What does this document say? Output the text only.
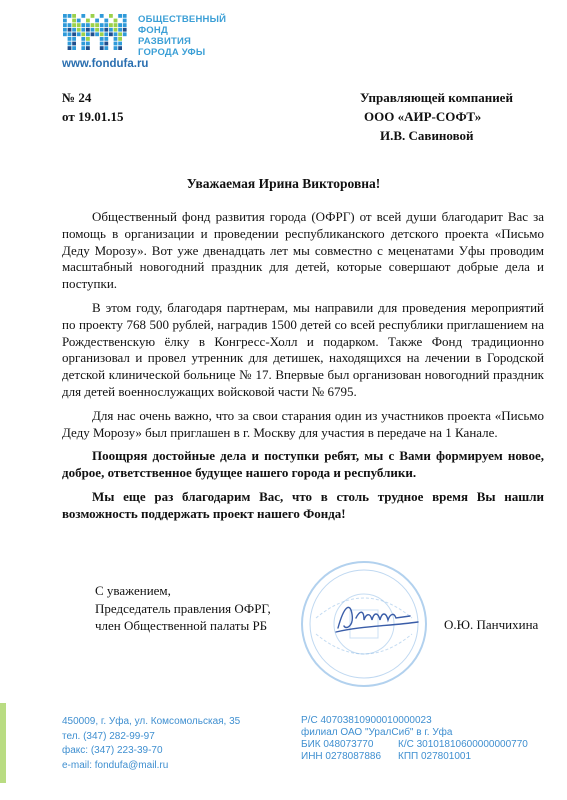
ОБЩЕСТВЕННЫЙ
ФОНД
РАЗВИТИЯ
ГОРОДА УФЫ
www.fondufa.ru
№ 24
от 19.01.15
Управляющей компанией
ООО «АИР-СОФТ»
И.В. Савиновой
Уважаемая Ирина Викторовна!

Общественный фонд развития города (ОФРГ) от всей души благодарит Вас за помощь в организации и проведении республиканского детского проекта «Письмо Деду Морозу». Вот уже двенадцать лет мы совместно с меценатами Уфы проводим масштабный новогодний праздник для детей, которые совершают добрые дела и поступки.

В этом году, благодаря партнерам, мы направили для проведения мероприятий по проекту 768 500 рублей, наградив 1500 детей со всей республики приглашением на Рождественскую ёлку в Конгресс-Холл и подарком. Также Фонд традиционно организовал и провел утренник для детишек, находящихся на лечении в Городской детской клинической больнице № 17. Впервые был организован новогодний праздник для детей военнослужащих войсковой части № 6795.

Для нас очень важно, что за свои старания один из участников проекта «Письмо Деду Морозу» был приглашен в г. Москву для участия в передаче на 1 Канале.

Поощряя достойные дела и поступки ребят, мы с Вами формируем новое, доброе, ответственное будущее нашего города и республики.

Мы еще раз благодарим Вас, что в столь трудное время Вы нашли возможность поддержать проект нашего Фонда!

С уважением,
Председатель правления ОФРГ,
член Общественной палаты РБ	О.Ю. Панчихина
450009, г. Уфа, ул. Комсомольская, 35
тел. (347) 282-99-97
факс: (347) 223-39-70
e-mail: fondufa@mail.ru
Р/С 40703810900010000023
филиал ОАО "УралСиб" в г. Уфа
БИК 048073770	К/С 30101810600000000770
ИНН 0278087886	КПП 027801001
